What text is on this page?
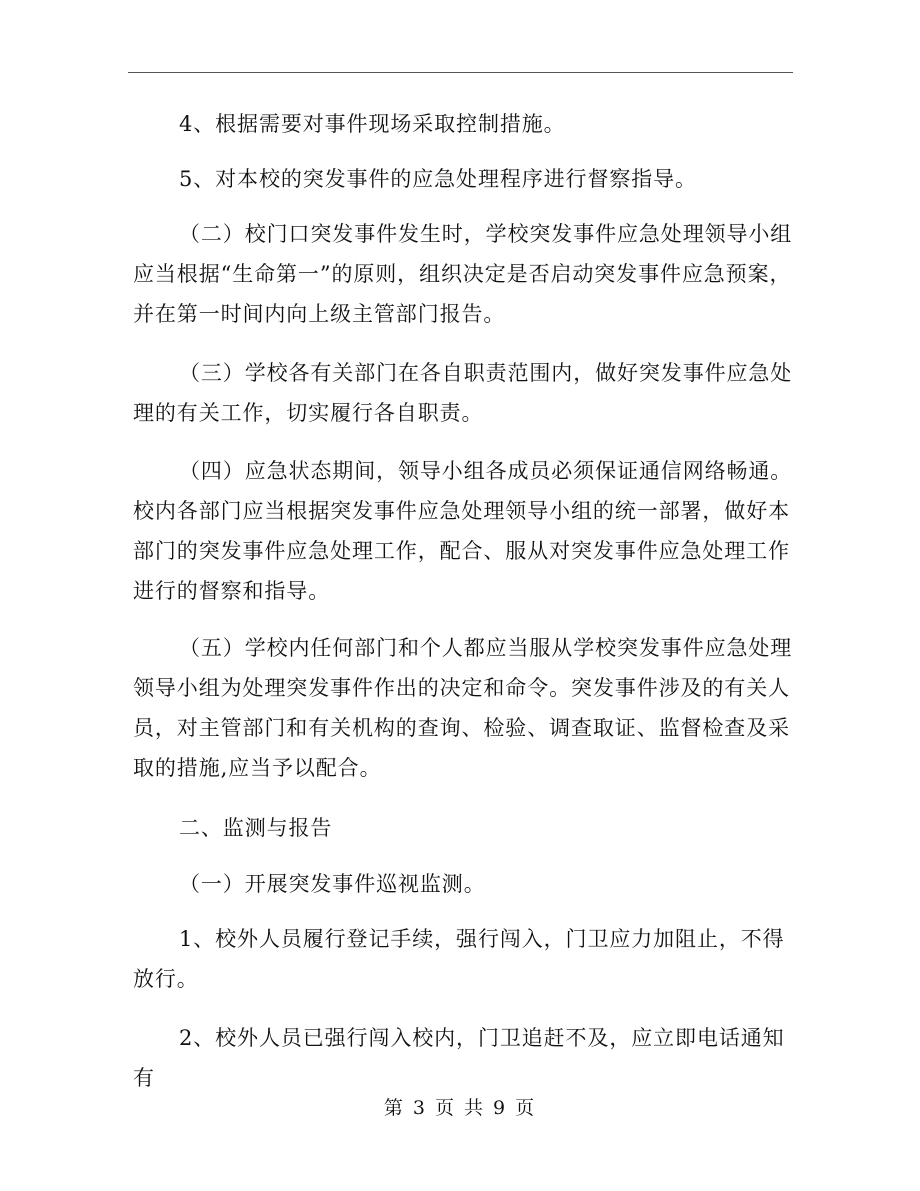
4、根据需要对事件现场采取控制措施。

5、对本校的突发事件的应急处理程序进行督察指导。

（二）校门口突发事件发生时，学校突发事件应急处理领导小组应当根据“生命第一”的原则，组织决定是否启动突发事件应急预案，并在第一时间内向上级主管部门报告。

（三）学校各有关部门在各自职责范围内，做好突发事件应急处理的有关工作，切实履行各自职责。

（四）应急状态期间，领导小组各成员必须保证通信网络畅通。校内各部门应当根据突发事件应急处理领导小组的统一部署，做好本部门的突发事件应急处理工作，配合、服从对突发事件应急处理工作进行的督察和指导。

（五）学校内任何部门和个人都应当服从学校突发事件应急处理领导小组为处理突发事件作出的决定和命令。突发事件涉及的有关人员，对主管部门和有关机构的查询、检验、调查取证、监督检查及采取的措施,应当予以配合。

二、监测与报告

（一）开展突发事件巡视监测。

1、校外人员履行登记手续，强行闯入，门卫应力加阻止，不得放行。

2、校外人员已强行闯入校内，门卫追赶不及，应立即电话通知有

第 3 页 共 9 页
